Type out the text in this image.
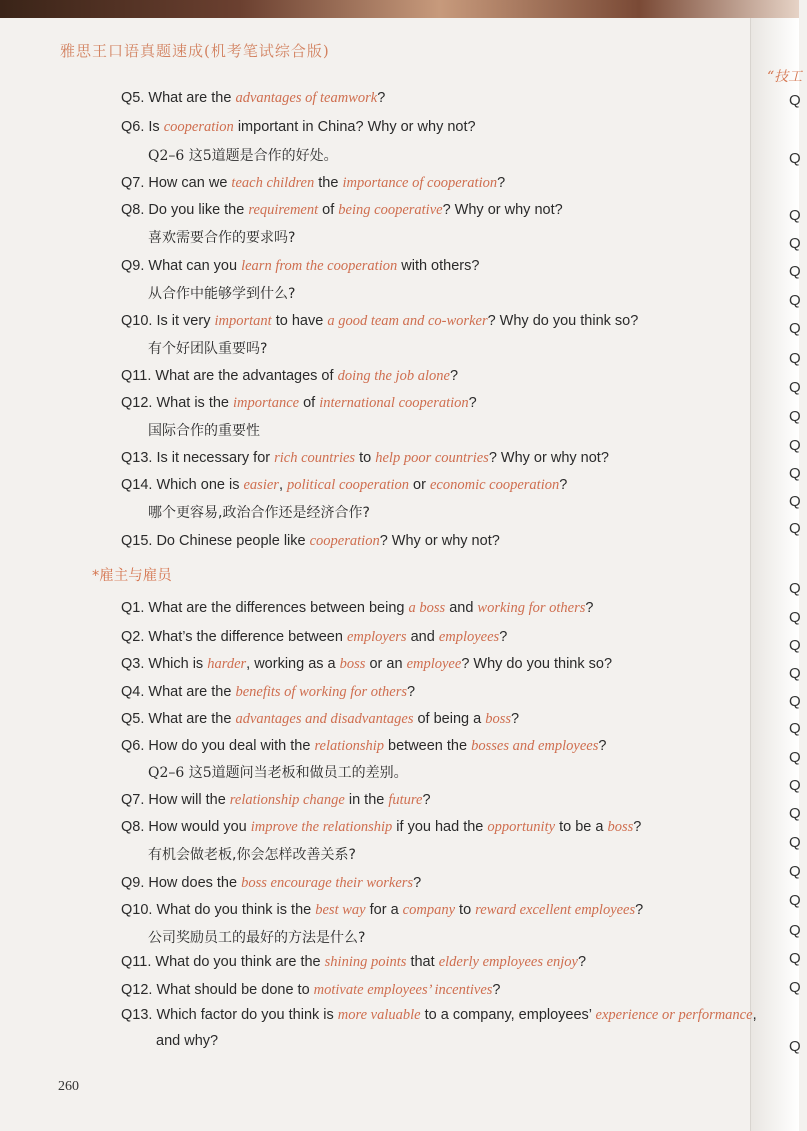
“技工
Q
Q
Q
Q
Q
Q
Q
Q
Q
Q
Q
Q
Q
Q
Q
Q
Q
Q
Q
Q
Q
Q
Q
Q
Q
Q
Q
Q
Q
Q
雅思王口语真题速成(机考笔试综合版)
Q5. What are the advantages of teamwork?
Q6. Is cooperation important in China? Why or why not?
Q2–6 这5道题是合作的好处。
Q7. How can we teach children the importance of cooperation?
Q8. Do you like the requirement of being cooperative? Why or why not?
喜欢需要合作的要求吗?
Q9. What can you learn from the cooperation with others?
从合作中能够学到什么?
Q10. Is it very important to have a good team and co-worker? Why do you think so?
有个好团队重要吗?
Q11. What are the advantages of doing the job alone?
Q12. What is the importance of international cooperation?
国际合作的重要性
Q13. Is it necessary for rich countries to help poor countries? Why or why not?
Q14. Which one is easier, political cooperation or economic cooperation?
哪个更容易,政治合作还是经济合作?
Q15. Do Chinese people like cooperation? Why or why not?
*雇主与雇员
Q1. What are the differences between being a boss and working for others?
Q2. What’s the difference between employers and employees?
Q3. Which is harder, working as a boss or an employee? Why do you think so?
Q4. What are the benefits of working for others?
Q5. What are the advantages and disadvantages of being a boss?
Q6. How do you deal with the relationship between the bosses and employees?
Q2–6 这5道题问当老板和做员工的差别。
Q7. How will the relationship change in the future?
Q8. How would you improve the relationship if you had the opportunity to be a boss?
有机会做老板,你会怎样改善关系?
Q9. How does the boss encourage their workers?
Q10. What do you think is the best way for a company to reward excellent employees?
公司奖励员工的最好的方法是什么?
Q11. What do you think are the shining points that elderly employees enjoy?
Q12. What should be done to motivate employees’ incentives?
Q13. Which factor do you think is more valuable to a company, employees’ experience or performance,
and why?
260
